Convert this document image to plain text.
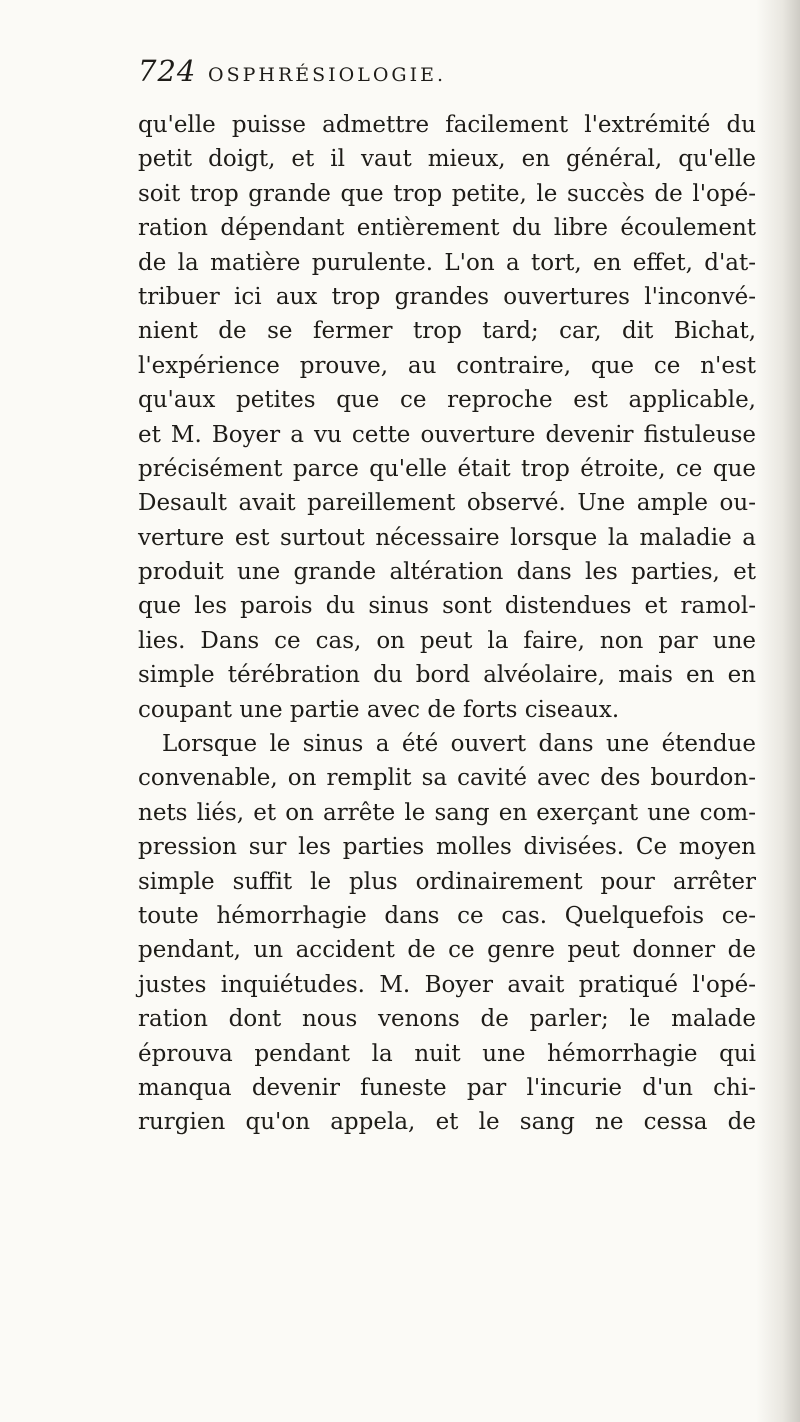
724 OSPHRÉSIOLOGIE.
qu'elle puisse admettre facilement l'extrémité du
petit doigt, et il vaut mieux, en général, qu'elle
soit trop grande que trop petite, le succès de l'opé-
ration dépendant entièrement du libre écoulement
de la matière purulente. L'on a tort, en effet, d'at-
tribuer ici aux trop grandes ouvertures l'inconvé-
nient de se fermer trop tard; car, dit Bichat,
l'expérience prouve, au contraire, que ce n'est
qu'aux petites que ce reproche est applicable,
et M. Boyer a vu cette ouverture devenir fistuleuse
précisément parce qu'elle était trop étroite, ce que
Desault avait pareillement observé. Une ample ou-
verture est surtout nécessaire lorsque la maladie a
produit une grande altération dans les parties, et
que les parois du sinus sont distendues et ramol-
lies. Dans ce cas, on peut la faire, non par une
simple térébration du bord alvéolaire, mais en en
coupant une partie avec de forts ciseaux.
Lorsque le sinus a été ouvert dans une étendue
convenable, on remplit sa cavité avec des bourdon-
nets liés, et on arrête le sang en exerçant une com-
pression sur les parties molles divisées. Ce moyen
simple suffit le plus ordinairement pour arrêter
toute hémorrhagie dans ce cas. Quelquefois ce-
pendant, un accident de ce genre peut donner de
justes inquiétudes. M. Boyer avait pratiqué l'opé-
ration dont nous venons de parler; le malade
éprouva pendant la nuit une hémorrhagie qui
manqua devenir funeste par l'incurie d'un chi-
rurgien qu'on appela, et le sang ne cessa de
